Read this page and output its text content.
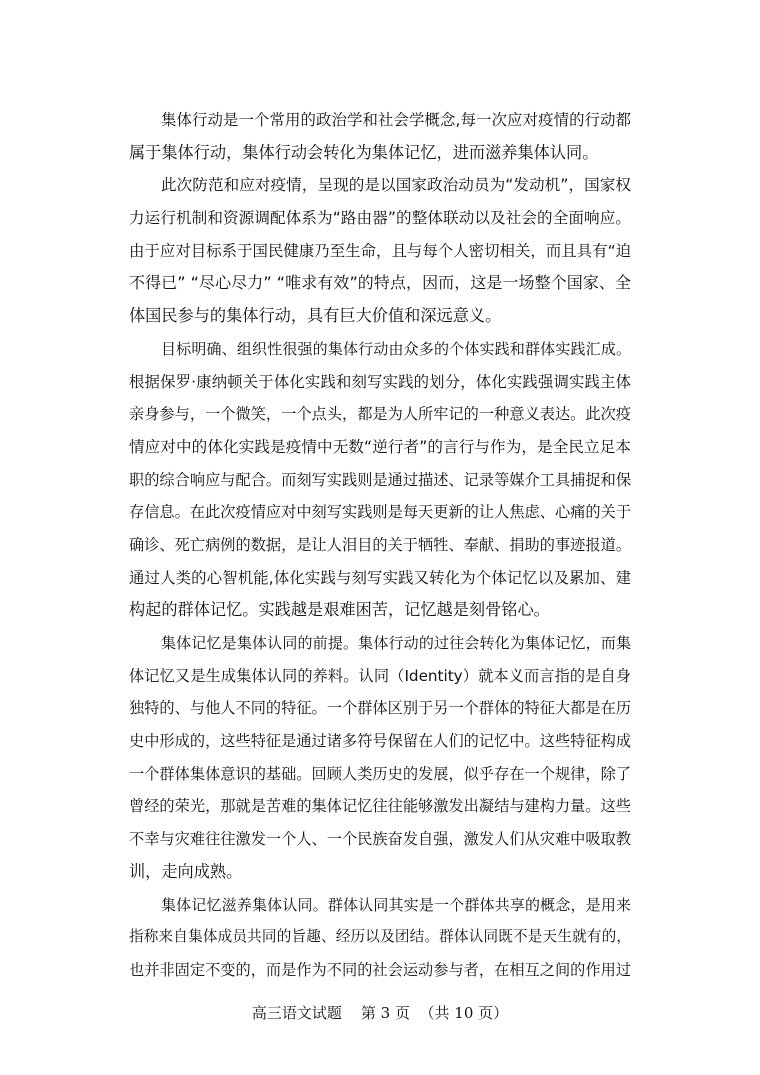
集体行动是一个常用的政治学和社会学概念,每一次应对疫情的行动都
属于集体行动，集体行动会转化为集体记忆，进而滋养集体认同。
此次防范和应对疫情，呈现的是以国家政治动员为“发动机”，国家权
力运行机制和资源调配体系为“路由器”的整体联动以及社会的全面响应。
由于应对目标系于国民健康乃至生命，且与每个人密切相关，而且具有“迫
不得已” “尽心尽力” “唯求有效”的特点，因而，这是一场整个国家、全
体国民参与的集体行动，具有巨大价值和深远意义。
目标明确、组织性很强的集体行动由众多的个体实践和群体实践汇成。
根据保罗·康纳顿关于体化实践和刻写实践的划分，体化实践强调实践主体
亲身参与，一个微笑，一个点头，都是为人所牢记的一种意义表达。此次疫
情应对中的体化实践是疫情中无数“逆行者”的言行与作为，是全民立足本
职的综合响应与配合。而刻写实践则是通过描述、记录等媒介工具捕捉和保
存信息。在此次疫情应对中刻写实践则是每天更新的让人焦虑、心痛的关于
确诊、死亡病例的数据，是让人泪目的关于牺牲、奉献、捐助的事迹报道。
通过人类的心智机能,体化实践与刻写实践又转化为个体记忆以及累加、建
构起的群体记忆。实践越是艰难困苦，记忆越是刻骨铭心。
集体记忆是集体认同的前提。集体行动的过往会转化为集体记忆，而集
体记忆又是生成集体认同的养料。认同（Identity）就本义而言指的是自身
独特的、与他人不同的特征。一个群体区别于另一个群体的特征大都是在历
史中形成的，这些特征是通过诸多符号保留在人们的记忆中。这些特征构成
一个群体集体意识的基础。回顾人类历史的发展，似乎存在一个规律，除了
曾经的荣光，那就是苦难的集体记忆往往能够激发出凝结与建构力量。这些
不幸与灾难往往激发一个人、一个民族奋发自强，激发人们从灾难中吸取教
训，走向成熟。
集体记忆滋养集体认同。群体认同其实是一个群体共享的概念，是用来
指称来自集体成员共同的旨趣、经历以及团结。群体认同既不是天生就有的，
也并非固定不变的，而是作为不同的社会运动参与者，在相互之间的作用过
高三语文试题    第 3 页  （共 10 页）
